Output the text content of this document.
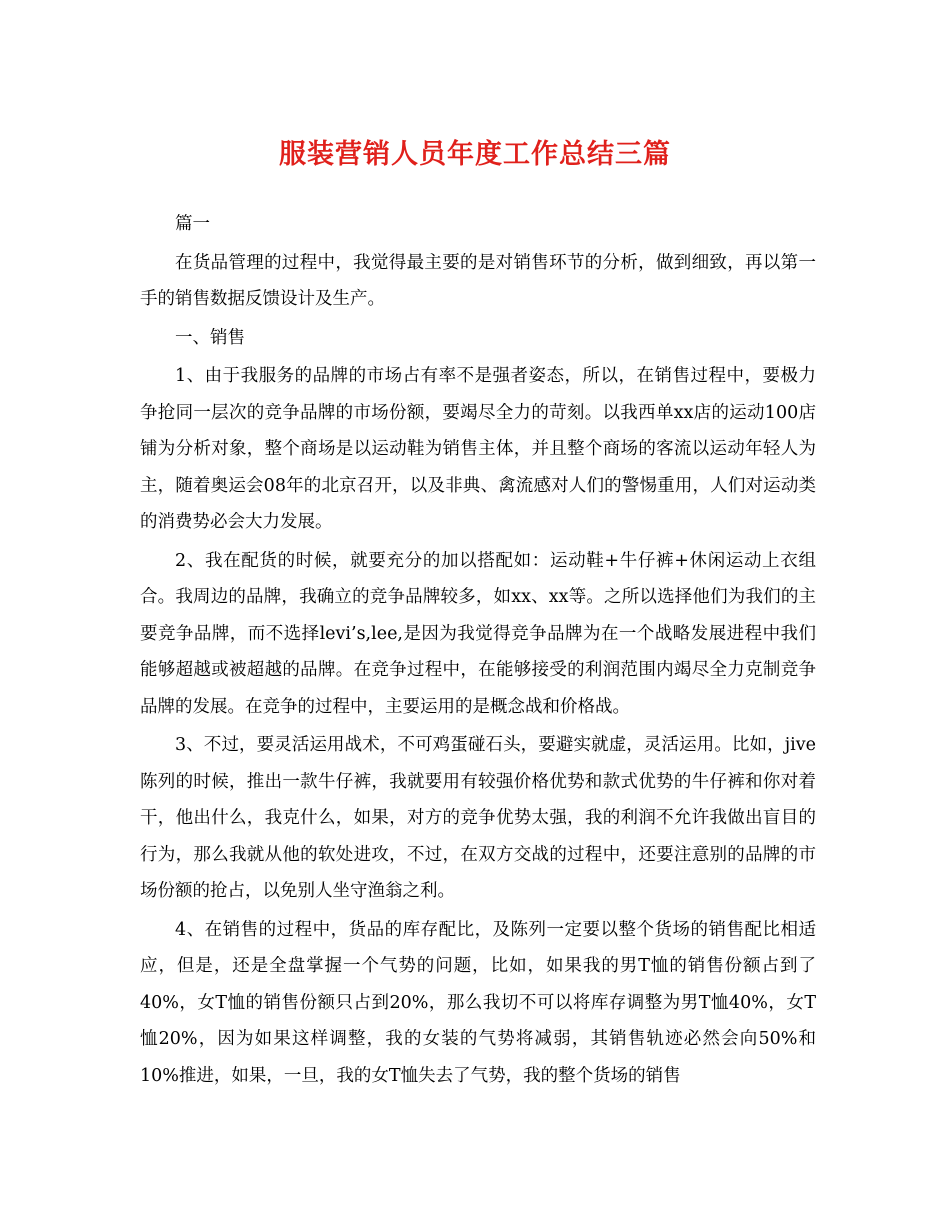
服装营销人员年度工作总结三篇

篇一

在货品管理的过程中，我觉得最主要的是对销售环节的分析，做到细致，再以第一手的销售数据反馈设计及生产。

一、销售

1、由于我服务的品牌的市场占有率不是强者姿态，所以，在销售过程中，要极力争抢同一层次的竞争品牌的市场份额，要竭尽全力的苛刻。以我西单xx店的运动100店铺为分析对象，整个商场是以运动鞋为销售主体，并且整个商场的客流以运动年轻人为主，随着奥运会08年的北京召开，以及非典、禽流感对人们的警惕重用，人们对运动类的消费势必会大力发展。

2、我在配货的时候，就要充分的加以搭配如：运动鞋+牛仔裤+休闲运动上衣组合。我周边的品牌，我确立的竞争品牌较多，如xx、xx等。之所以选择他们为我们的主要竞争品牌，而不选择levi’s,lee,是因为我觉得竞争品牌为在一个战略发展进程中我们能够超越或被超越的品牌。在竞争过程中，在能够接受的利润范围内竭尽全力克制竞争品牌的发展。在竞争的过程中，主要运用的是概念战和价格战。

3、不过，要灵活运用战术，不可鸡蛋碰石头，要避实就虚，灵活运用。比如，jive陈列的时候，推出一款牛仔裤，我就要用有较强价格优势和款式优势的牛仔裤和你对着干，他出什么，我克什么，如果，对方的竞争优势太强，我的利润不允许我做出盲目的行为，那么我就从他的软处进攻，不过，在双方交战的过程中，还要注意别的品牌的市场份额的抢占，以免别人坐守渔翁之利。

4、在销售的过程中，货品的库存配比，及陈列一定要以整个货场的销售配比相适应，但是，还是全盘掌握一个气势的问题，比如，如果我的男T恤的销售份额占到了40%，女T恤的销售份额只占到20%，那么我切不可以将库存调整为男T恤40%，女T恤20%，因为如果这样调整，我的女装的气势将减弱，其销售轨迹必然会向50%和10%推进，如果，一旦，我的女T恤失去了气势，我的整个货场的销售
